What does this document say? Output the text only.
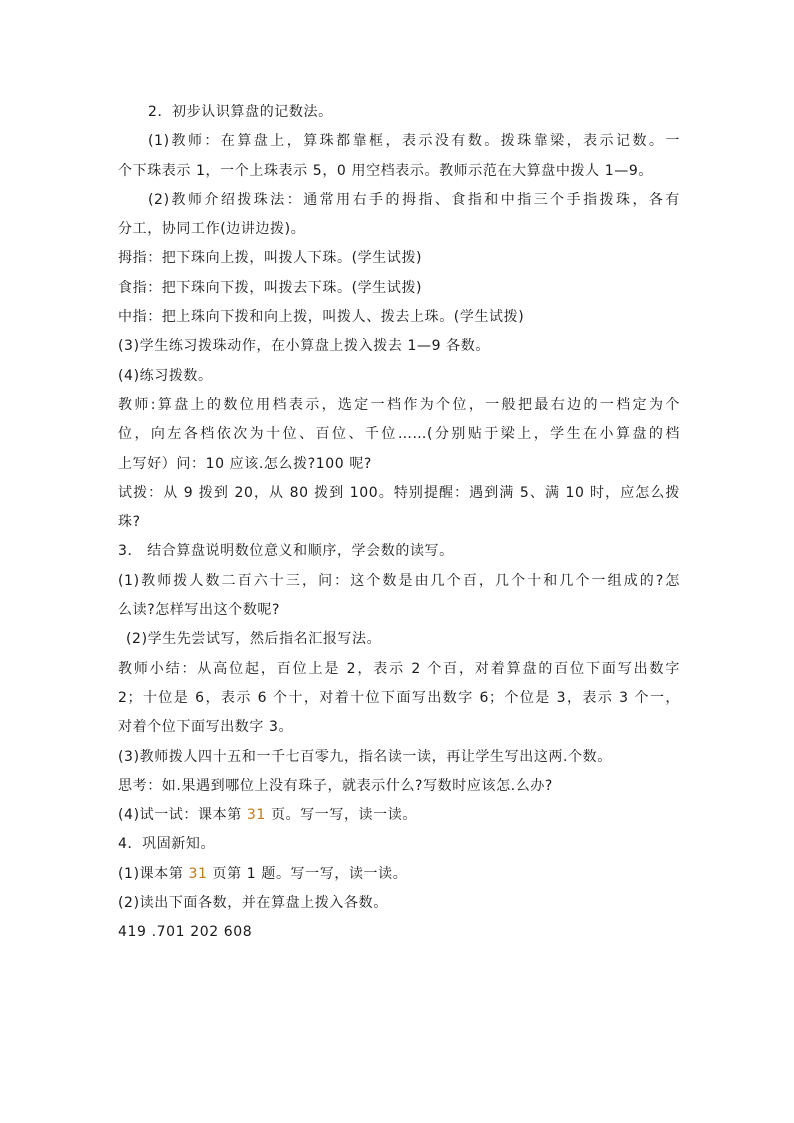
2．初步认识算盘的记数法。
(1)教师：在算盘上，算珠都靠框，表示没有数。拨珠靠梁，表示记数。一
个下珠表示 1，一个上珠表示 5，0 用空档表示。教师示范在大算盘中拨人 1—9。
(2)教师介绍拨珠法：通常用右手的拇指、食指和中指三个手指拨珠，各有
分工，协同工作(边讲边拨)。
拇指：把下珠向上拨，叫拨人下珠。(学生试拨)
食指：把下珠向下拨，叫拨去下珠。(学生试拨)
中指：把上珠向下拨和向上拨，叫拨人、拨去上珠。(学生试拨)
(3)学生练习拨珠动作，在小算盘上拨入拨去 1—9 各数。
(4)练习拨数。
教师:算盘上的数位用档表示，选定一档作为个位，一般把最右边的一档定为个
位，向左各档依次为十位、百位、千位……(分别贴于梁上，学生在小算盘的档
上写好）问：10 应该.怎么拨?100 呢?
试拨：从 9 拨到 20，从 80 拨到 100。特别提醒：遇到满 5、满 10 时，应怎么拨
珠?
3． 结合算盘说明数位意义和顺序，学会数的读写。
(1)教师拨人数二百六十三，问：这个数是由几个百，几个十和几个一组成的?怎
么读?怎样写出这个数呢?
(2)学生先尝试写，然后指名汇报写法。
教师小结：从高位起，百位上是 2，表示 2 个百，对着算盘的百位下面写出数字
2；十位是 6，表示 6 个十，对着十位下面写出数字 6；个位是 3，表示 3 个一，
对着个位下面写出数字 3。
(3)教师拨人四十五和一千七百零九，指名读一读，再让学生写出这两.个数。
思考：如.果遇到哪位上没有珠子，就表示什么?写数时应该怎.么办?
(4)试一试：课本第 31 页。写一写，读一读。
4．巩固新知。
(1)课本第 31 页第 1 题。写一写，读一读。
(2)读出下面各数，并在算盘上拨入各数。
419 .701 202 608
